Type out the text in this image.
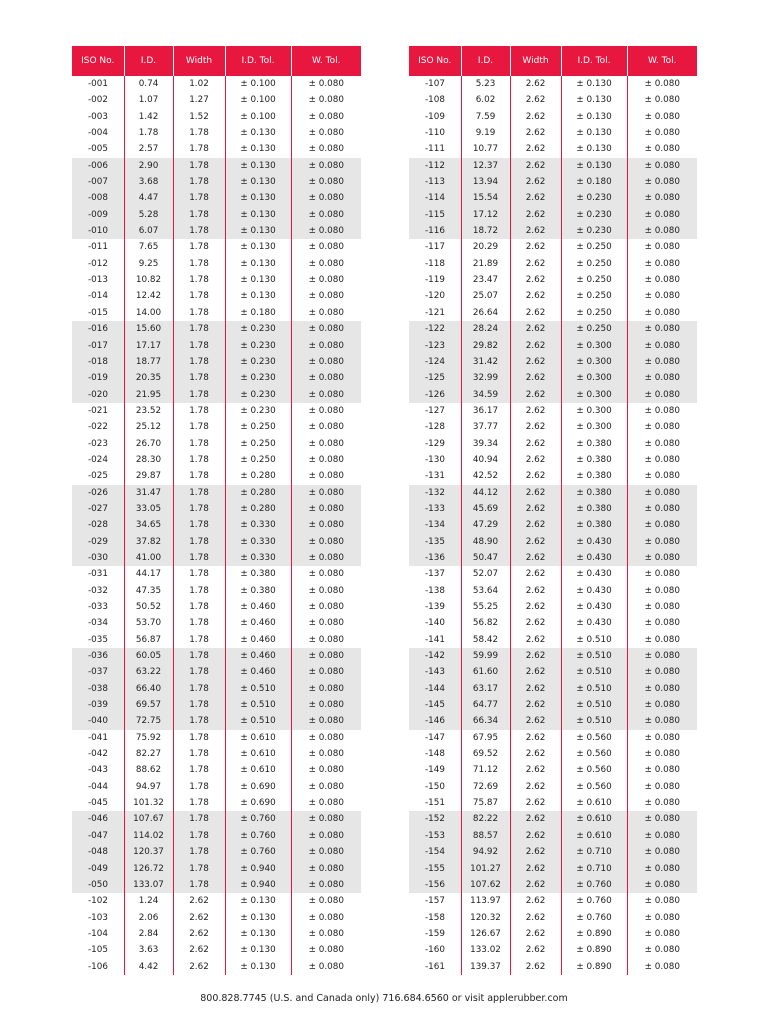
ISO No.	I.D.	Width	I.D. Tol.	W. Tol.
-001	0.74	1.02	± 0.100	± 0.080
-002	1.07	1.27	± 0.100	± 0.080
-003	1.42	1.52	± 0.100	± 0.080
-004	1.78	1.78	± 0.130	± 0.080
-005	2.57	1.78	± 0.130	± 0.080
-006	2.90	1.78	± 0.130	± 0.080
-007	3.68	1.78	± 0.130	± 0.080
-008	4.47	1.78	± 0.130	± 0.080
-009	5.28	1.78	± 0.130	± 0.080
-010	6.07	1.78	± 0.130	± 0.080
-011	7.65	1.78	± 0.130	± 0.080
-012	9.25	1.78	± 0.130	± 0.080
-013	10.82	1.78	± 0.130	± 0.080
-014	12.42	1.78	± 0.130	± 0.080
-015	14.00	1.78	± 0.180	± 0.080
-016	15.60	1.78	± 0.230	± 0.080
-017	17.17	1.78	± 0.230	± 0.080
-018	18.77	1.78	± 0.230	± 0.080
-019	20.35	1.78	± 0.230	± 0.080
-020	21.95	1.78	± 0.230	± 0.080
-021	23.52	1.78	± 0.230	± 0.080
-022	25.12	1.78	± 0.250	± 0.080
-023	26.70	1.78	± 0.250	± 0.080
-024	28.30	1.78	± 0.250	± 0.080
-025	29.87	1.78	± 0.280	± 0.080
-026	31.47	1.78	± 0.280	± 0.080
-027	33.05	1.78	± 0.280	± 0.080
-028	34.65	1.78	± 0.330	± 0.080
-029	37.82	1.78	± 0.330	± 0.080
-030	41.00	1.78	± 0.330	± 0.080
-031	44.17	1.78	± 0.380	± 0.080
-032	47.35	1.78	± 0.380	± 0.080
-033	50.52	1.78	± 0.460	± 0.080
-034	53.70	1.78	± 0.460	± 0.080
-035	56.87	1.78	± 0.460	± 0.080
-036	60.05	1.78	± 0.460	± 0.080
-037	63.22	1.78	± 0.460	± 0.080
-038	66.40	1.78	± 0.510	± 0.080
-039	69.57	1.78	± 0.510	± 0.080
-040	72.75	1.78	± 0.510	± 0.080
-041	75.92	1.78	± 0.610	± 0.080
-042	82.27	1.78	± 0.610	± 0.080
-043	88.62	1.78	± 0.610	± 0.080
-044	94.97	1.78	± 0.690	± 0.080
-045	101.32	1.78	± 0.690	± 0.080
-046	107.67	1.78	± 0.760	± 0.080
-047	114.02	1.78	± 0.760	± 0.080
-048	120.37	1.78	± 0.760	± 0.080
-049	126.72	1.78	± 0.940	± 0.080
-050	133.07	1.78	± 0.940	± 0.080
-102	1.24	2.62	± 0.130	± 0.080
-103	2.06	2.62	± 0.130	± 0.080
-104	2.84	2.62	± 0.130	± 0.080
-105	3.63	2.62	± 0.130	± 0.080
-106	4.42	2.62	± 0.130	± 0.080
ISO No.	I.D.	Width	I.D. Tol.	W. Tol.
-107	5.23	2.62	± 0.130	± 0.080
-108	6.02	2.62	± 0.130	± 0.080
-109	7.59	2.62	± 0.130	± 0.080
-110	9.19	2.62	± 0.130	± 0.080
-111	10.77	2.62	± 0.130	± 0.080
-112	12.37	2.62	± 0.130	± 0.080
-113	13.94	2.62	± 0.180	± 0.080
-114	15.54	2.62	± 0.230	± 0.080
-115	17.12	2.62	± 0.230	± 0.080
-116	18.72	2.62	± 0.230	± 0.080
-117	20.29	2.62	± 0.250	± 0.080
-118	21.89	2.62	± 0.250	± 0.080
-119	23.47	2.62	± 0.250	± 0.080
-120	25.07	2.62	± 0.250	± 0.080
-121	26.64	2.62	± 0.250	± 0.080
-122	28.24	2.62	± 0.250	± 0.080
-123	29.82	2.62	± 0.300	± 0.080
-124	31.42	2.62	± 0.300	± 0.080
-125	32.99	2.62	± 0.300	± 0.080
-126	34.59	2.62	± 0.300	± 0.080
-127	36.17	2.62	± 0.300	± 0.080
-128	37.77	2.62	± 0.300	± 0.080
-129	39.34	2.62	± 0.380	± 0.080
-130	40.94	2.62	± 0.380	± 0.080
-131	42.52	2.62	± 0.380	± 0.080
-132	44.12	2.62	± 0.380	± 0.080
-133	45.69	2.62	± 0.380	± 0.080
-134	47.29	2.62	± 0.380	± 0.080
-135	48.90	2.62	± 0.430	± 0.080
-136	50.47	2.62	± 0.430	± 0.080
-137	52.07	2.62	± 0.430	± 0.080
-138	53.64	2.62	± 0.430	± 0.080
-139	55.25	2.62	± 0.430	± 0.080
-140	56.82	2.62	± 0.430	± 0.080
-141	58.42	2.62	± 0.510	± 0.080
-142	59.99	2.62	± 0.510	± 0.080
-143	61.60	2.62	± 0.510	± 0.080
-144	63.17	2.62	± 0.510	± 0.080
-145	64.77	2.62	± 0.510	± 0.080
-146	66.34	2.62	± 0.510	± 0.080
-147	67.95	2.62	± 0.560	± 0.080
-148	69.52	2.62	± 0.560	± 0.080
-149	71.12	2.62	± 0.560	± 0.080
-150	72.69	2.62	± 0.560	± 0.080
-151	75.87	2.62	± 0.610	± 0.080
-152	82.22	2.62	± 0.610	± 0.080
-153	88.57	2.62	± 0.610	± 0.080
-154	94.92	2.62	± 0.710	± 0.080
-155	101.27	2.62	± 0.710	± 0.080
-156	107.62	2.62	± 0.760	± 0.080
-157	113.97	2.62	± 0.760	± 0.080
-158	120.32	2.62	± 0.760	± 0.080
-159	126.67	2.62	± 0.890	± 0.080
-160	133.02	2.62	± 0.890	± 0.080
-161	139.37	2.62	± 0.890	± 0.080
800.828.7745 (U.S. and Canada only) 716.684.6560 or visit applerubber.com
